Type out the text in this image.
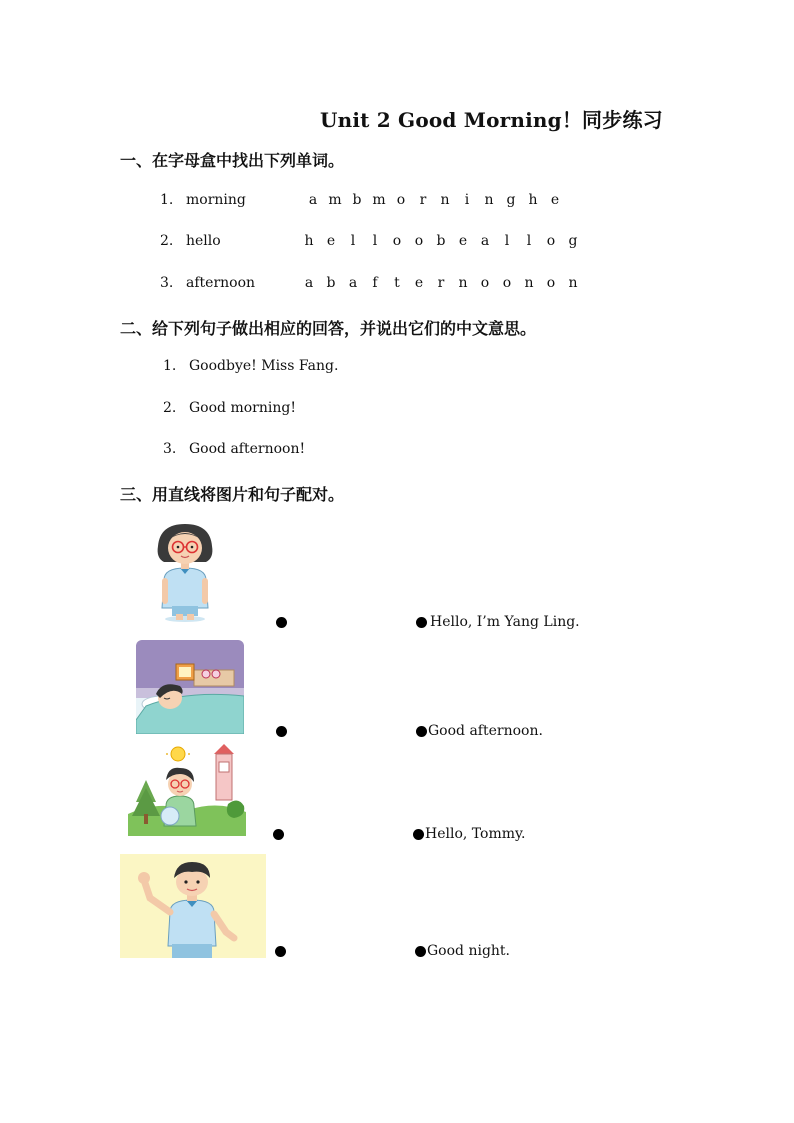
Unit 2 Good Morning！同步练习
一、在字母盒中找出下列单词。
1. morning	a m b m o r n i n g h e
2. hello	h e l l o o b e a l l o g
3. afternoon	a b a f t e r n o o n o n
二、给下列句子做出相应的回答，并说出它们的中文意思。
1. Goodbye! Miss Fang.
2. Good morning!
3. Good afternoon!
三、用直线将图片和句子配对。
Hello, I’m Yang Ling.
Good afternoon.
Hello, Tommy.
Good night.
